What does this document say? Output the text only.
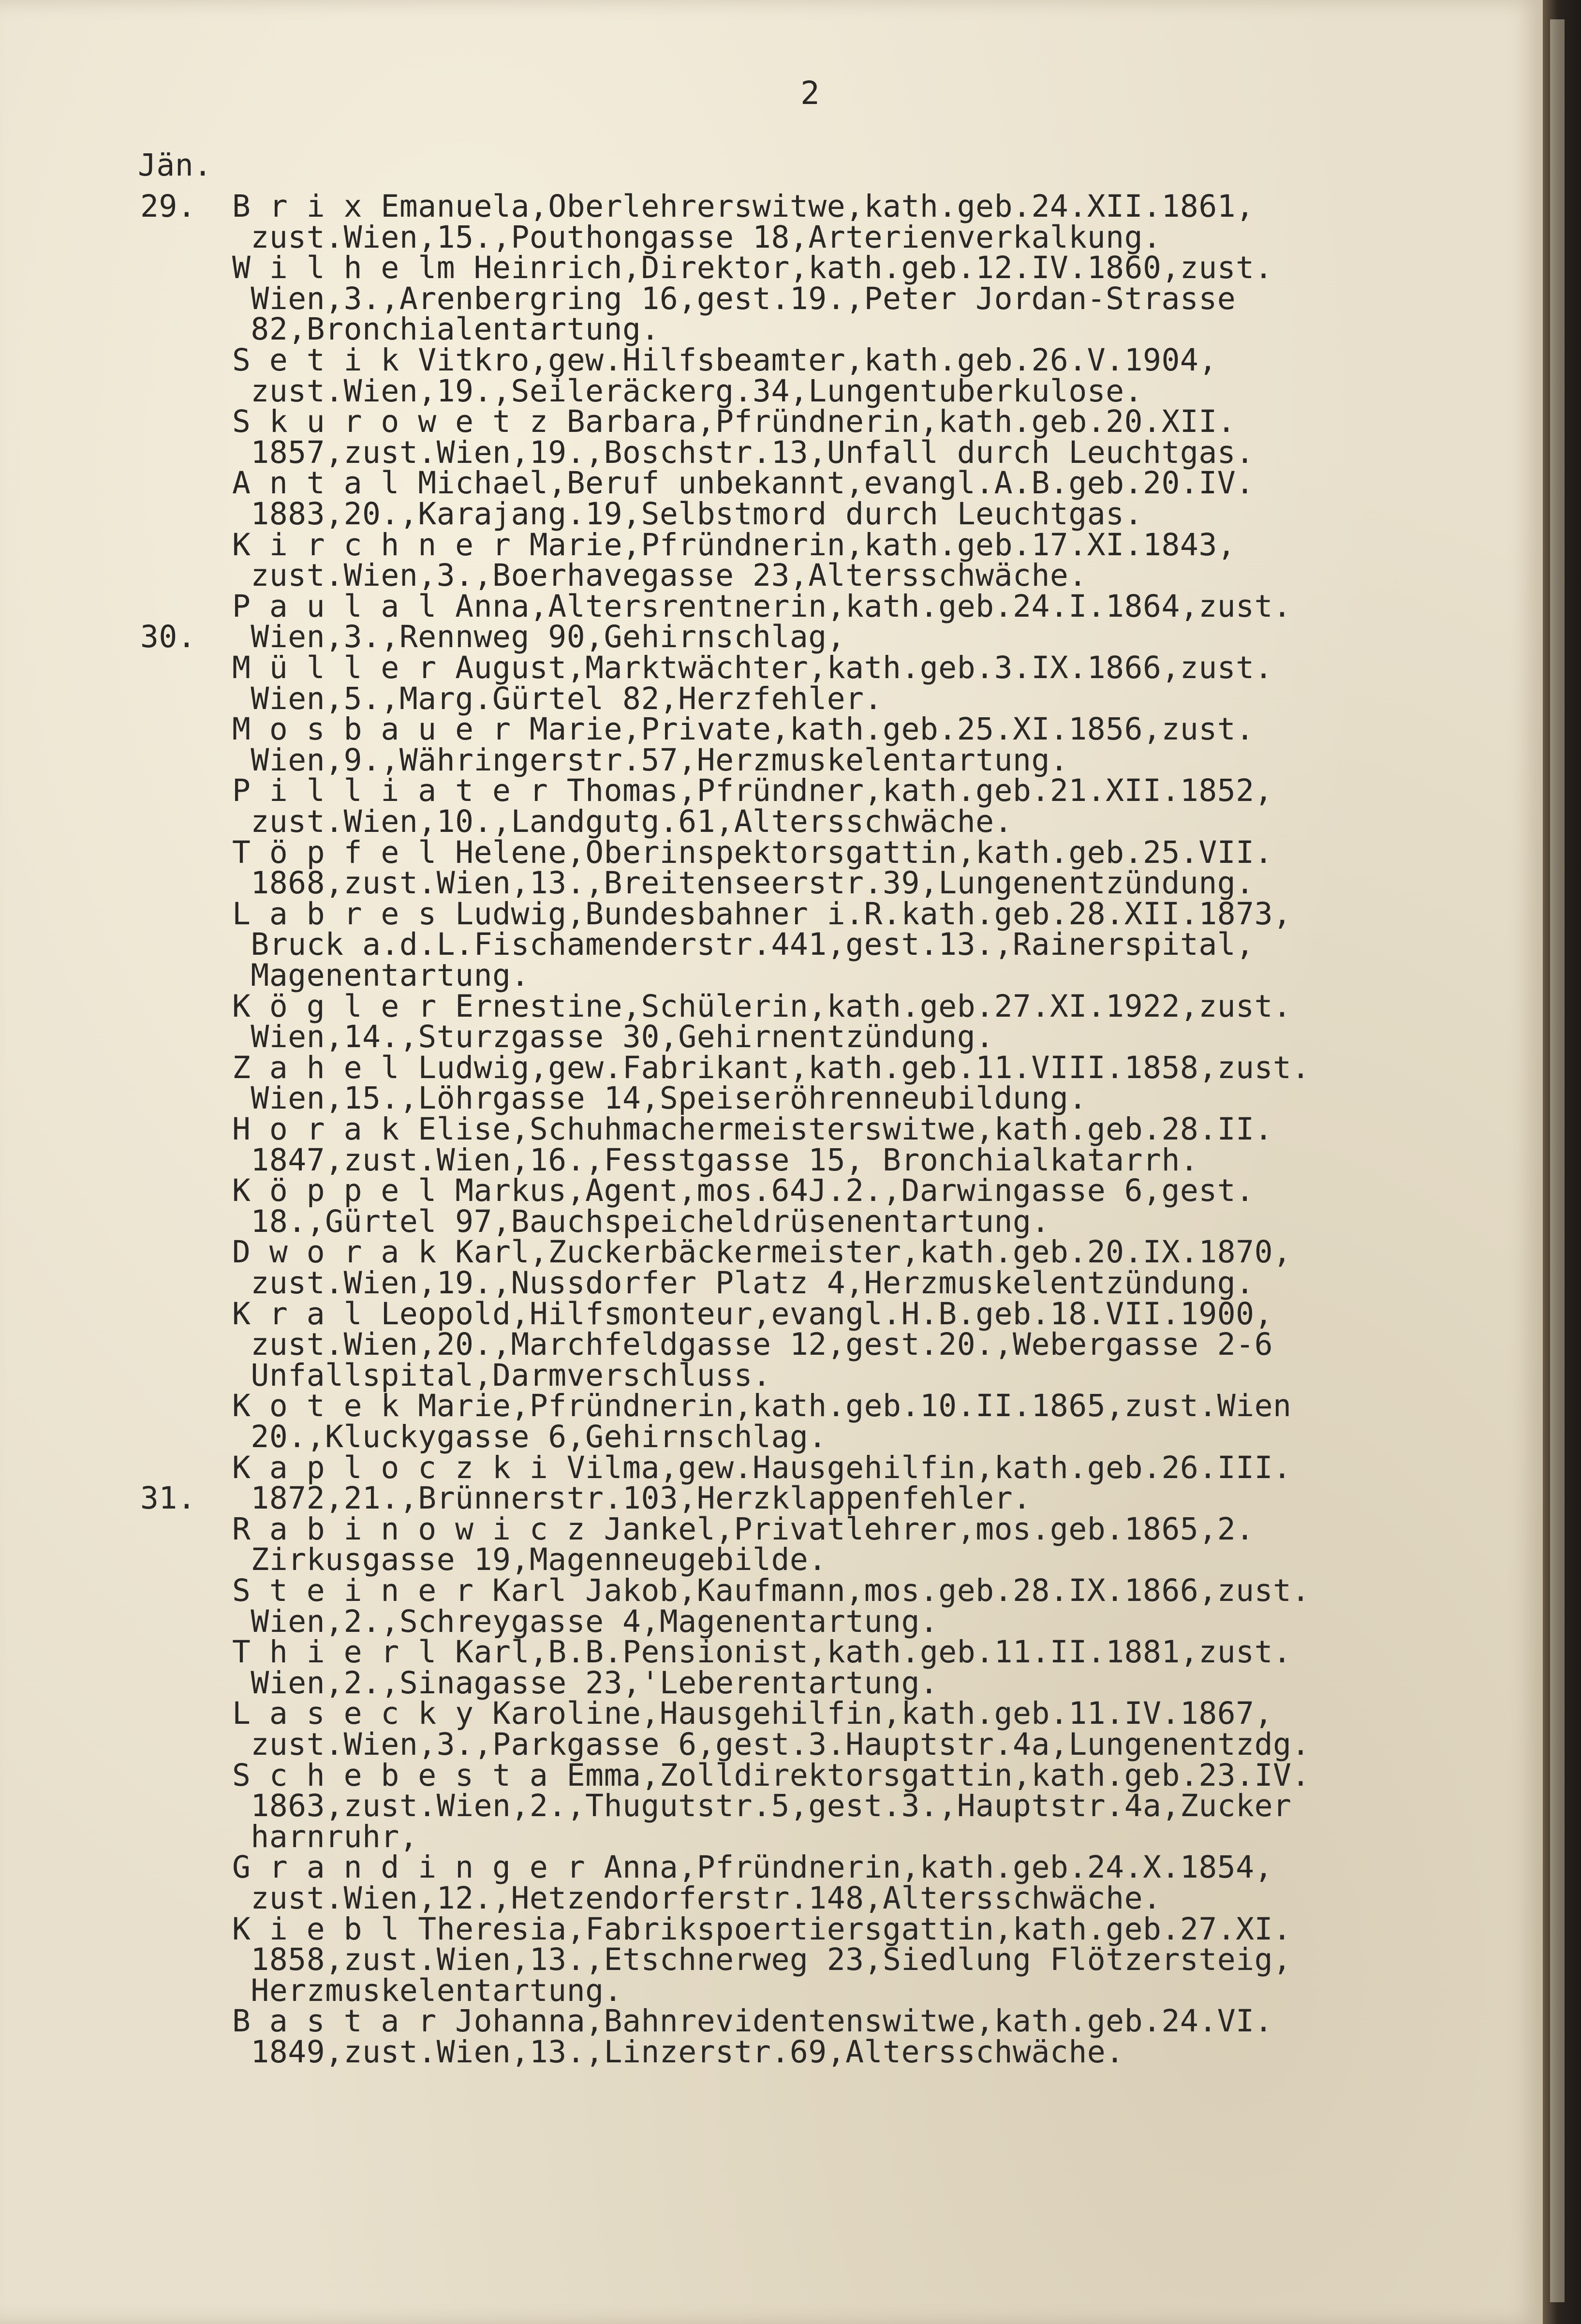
2
Jän.
29.
30.
31.
B r i x Emanuela,Oberlehrerswitwe,kath.geb.24.XII.1861,
zust.Wien,15.,Pouthongasse 18,Arterienverkalkung.
W i l h e lm Heinrich,Direktor,kath.geb.12.IV.1860,zust.
Wien,3.,Arenbergring 16,gest.19.,Peter Jordan-Strasse
82,Bronchialentartung.
S e t i k Vitkro,gew.Hilfsbeamter,kath.geb.26.V.1904,
zust.Wien,19.,Seileräckerg.34,Lungentuberkulose.
S k u r o w e t z Barbara,Pfründnerin,kath.geb.20.XII.
1857,zust.Wien,19.,Boschstr.13,Unfall durch Leuchtgas.
A n t a l Michael,Beruf unbekannt,evangl.A.B.geb.20.IV.
1883,20.,Karajang.19,Selbstmord durch Leuchtgas.
K i r c h n e r Marie,Pfründnerin,kath.geb.17.XI.1843,
zust.Wien,3.,Boerhavegasse 23,Altersschwäche.
P a u l a l Anna,Altersrentnerin,kath.geb.24.I.1864,zust.
Wien,3.,Rennweg 90,Gehirnschlag,
M ü l l e r August,Marktwächter,kath.geb.3.IX.1866,zust.
Wien,5.,Marg.Gürtel 82,Herzfehler.
M o s b a u e r Marie,Private,kath.geb.25.XI.1856,zust.
Wien,9.,Währingerstr.57,Herzmuskelentartung.
P i l l i a t e r Thomas,Pfründner,kath.geb.21.XII.1852,
zust.Wien,10.,Landgutg.61,Altersschwäche.
T ö p f e l Helene,Oberinspektorsgattin,kath.geb.25.VII.
1868,zust.Wien,13.,Breitenseerstr.39,Lungenentzündung.
L a b r e s Ludwig,Bundesbahner i.R.kath.geb.28.XII.1873,
Bruck a.d.L.Fischamenderstr.441,gest.13.,Rainerspital,
Magenentartung.
K ö g l e r Ernestine,Schülerin,kath.geb.27.XI.1922,zust.
Wien,14.,Sturzgasse 30,Gehirnentzündung.
Z a h e l Ludwig,gew.Fabrikant,kath.geb.11.VIII.1858,zust.
Wien,15.,Löhrgasse 14,Speiseröhrenneubildung.
H o r a k Elise,Schuhmachermeisterswitwe,kath.geb.28.II.
1847,zust.Wien,16.,Fesstgasse 15, Bronchialkatarrh.
K ö p p e l Markus,Agent,mos.64J.2.,Darwingasse 6,gest.
18.,Gürtel 97,Bauchspeicheldrüsenentartung.
D w o r a k Karl,Zuckerbäckermeister,kath.geb.20.IX.1870,
zust.Wien,19.,Nussdorfer Platz 4,Herzmuskelentzündung.
K r a l Leopold,Hilfsmonteur,evangl.H.B.geb.18.VII.1900,
zust.Wien,20.,Marchfeldgasse 12,gest.20.,Webergasse 2-6
Unfallspital,Darmverschluss.
K o t e k Marie,Pfründnerin,kath.geb.10.II.1865,zust.Wien
20.,Kluckygasse 6,Gehirnschlag.
K a p l o c z k i Vilma,gew.Hausgehilfin,kath.geb.26.III.
1872,21.,Brünnerstr.103,Herzklappenfehler.
R a b i n o w i c z Jankel,Privatlehrer,mos.geb.1865,2.
Zirkusgasse 19,Magenneugebilde.
S t e i n e r Karl Jakob,Kaufmann,mos.geb.28.IX.1866,zust.
Wien,2.,Schreygasse 4,Magenentartung.
T h i e r l Karl,B.B.Pensionist,kath.geb.11.II.1881,zust.
Wien,2.,Sinagasse 23,'Leberentartung.
L a s e c k y Karoline,Hausgehilfin,kath.geb.11.IV.1867,
zust.Wien,3.,Parkgasse 6,gest.3.Hauptstr.4a,Lungenentzdg.
S c h e b e s t a Emma,Zolldirektorsgattin,kath.geb.23.IV.
1863,zust.Wien,2.,Thugutstr.5,gest.3.,Hauptstr.4a,Zucker
harnruhr,
G r a n d i n g e r Anna,Pfründnerin,kath.geb.24.X.1854,
zust.Wien,12.,Hetzendorferstr.148,Altersschwäche.
K i e b l Theresia,Fabrikspoertiersgattin,kath.geb.27.XI.
1858,zust.Wien,13.,Etschnerweg 23,Siedlung Flötzersteig,
Herzmuskelentartung.
B a s t a r Johanna,Bahnrevidentenswitwe,kath.geb.24.VI.
1849,zust.Wien,13.,Linzerstr.69,Altersschwäche.
